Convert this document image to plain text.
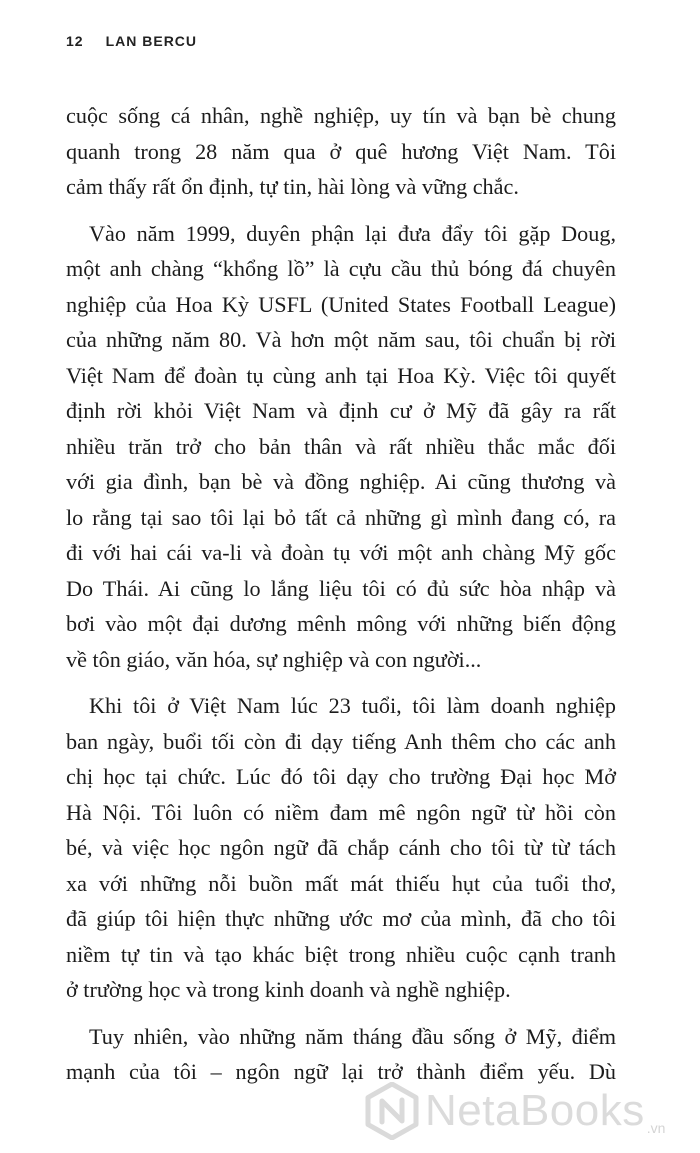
12 LAN BERCU
cuộc sống cá nhân, nghề nghiệp, uy tín và bạn bè chung
quanh trong 28 năm qua ở quê hương Việt Nam. Tôi
cảm thấy rất ổn định, tự tin, hài lòng và vững chắc.
Vào năm 1999, duyên phận lại đưa đẩy tôi gặp Doug,
một anh chàng “khổng lồ” là cựu cầu thủ bóng đá chuyên
nghiệp của Hoa Kỳ USFL (United States Football League)
của những năm 80. Và hơn một năm sau, tôi chuẩn bị rời
Việt Nam để đoàn tụ cùng anh tại Hoa Kỳ. Việc tôi quyết
định rời khỏi Việt Nam và định cư ở Mỹ đã gây ra rất
nhiều trăn trở cho bản thân và rất nhiều thắc mắc đối
với gia đình, bạn bè và đồng nghiệp. Ai cũng thương và
lo rằng tại sao tôi lại bỏ tất cả những gì mình đang có, ra
đi với hai cái va-li và đoàn tụ với một anh chàng Mỹ gốc
Do Thái. Ai cũng lo lắng liệu tôi có đủ sức hòa nhập và
bơi vào một đại dương mênh mông với những biến động
về tôn giáo, văn hóa, sự nghiệp và con người...
Khi tôi ở Việt Nam lúc 23 tuổi, tôi làm doanh nghiệp
ban ngày, buổi tối còn đi dạy tiếng Anh thêm cho các anh
chị học tại chức. Lúc đó tôi dạy cho trường Đại học Mở
Hà Nội. Tôi luôn có niềm đam mê ngôn ngữ từ hồi còn
bé, và việc học ngôn ngữ đã chắp cánh cho tôi từ từ tách
xa với những nỗi buồn mất mát thiếu hụt của tuổi thơ,
đã giúp tôi hiện thực những ước mơ của mình, đã cho tôi
niềm tự tin và tạo khác biệt trong nhiều cuộc cạnh tranh
ở trường học và trong kinh doanh và nghề nghiệp.
Tuy nhiên, vào những năm tháng đầu sống ở Mỹ, điểm
mạnh của tôi – ngôn ngữ lại trở thành điểm yếu. Dù
NetaBooks .vn
